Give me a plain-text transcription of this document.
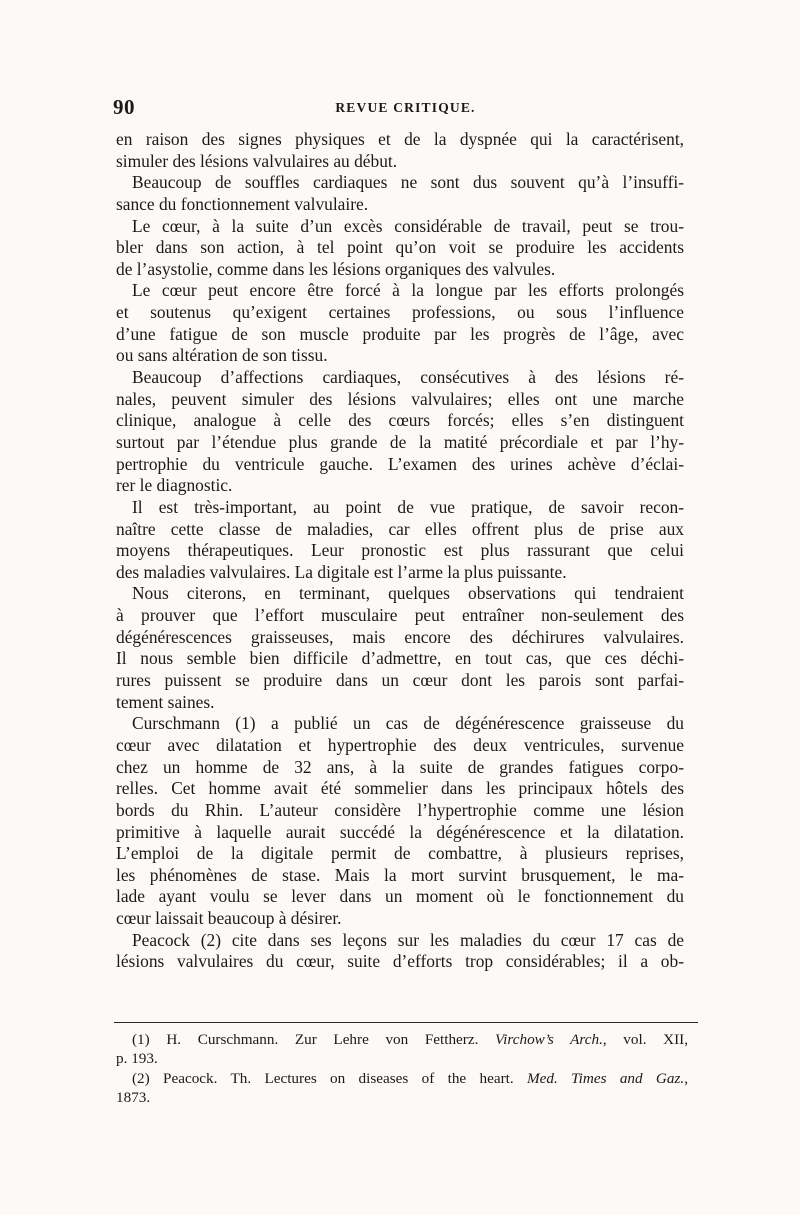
90	REVUE CRITIQUE.
en raison des signes physiques et de la dyspnée qui la caractérisent,
simuler des lésions valvulaires au début.
Beaucoup de souffles cardiaques ne sont dus souvent qu’à l’insuffi-
sance du fonctionnement valvulaire.
Le cœur, à la suite d’un excès considérable de travail, peut se trou-
bler dans son action, à tel point qu’on voit se produire les accidents
de l’asystolie, comme dans les lésions organiques des valvules.
Le cœur peut encore être forcé à la longue par les efforts prolongés
et soutenus qu’exigent certaines professions, ou sous l’influence
d’une fatigue de son muscle produite par les progrès de l’âge, avec
ou sans altération de son tissu.
Beaucoup d’affections cardiaques, consécutives à des lésions ré-
nales, peuvent simuler des lésions valvulaires; elles ont une marche
clinique, analogue à celle des cœurs forcés; elles s’en distinguent
surtout par l’étendue plus grande de la matité précordiale et par l’hy-
pertrophie du ventricule gauche. L’examen des urines achève d’éclai-
rer le diagnostic.
Il est très-important, au point de vue pratique, de savoir recon-
naître cette classe de maladies, car elles offrent plus de prise aux
moyens thérapeutiques. Leur pronostic est plus rassurant que celui
des maladies valvulaires. La digitale est l’arme la plus puissante.
Nous citerons, en terminant, quelques observations qui tendraient
à prouver que l’effort musculaire peut entraîner non-seulement des
dégénérescences graisseuses, mais encore des déchirures valvulaires.
Il nous semble bien difficile d’admettre, en tout cas, que ces déchi-
rures puissent se produire dans un cœur dont les parois sont parfai-
tement saines.
Curschmann (1) a publié un cas de dégénérescence graisseuse du
cœur avec dilatation et hypertrophie des deux ventricules, survenue
chez un homme de 32 ans, à la suite de grandes fatigues corpo-
relles. Cet homme avait été sommelier dans les principaux hôtels des
bords du Rhin. L’auteur considère l’hypertrophie comme une lésion
primitive à laquelle aurait succédé la dégénérescence et la dilatation.
L’emploi de la digitale permit de combattre, à plusieurs reprises,
les phénomènes de stase. Mais la mort survint brusquement, le ma-
lade ayant voulu se lever dans un moment où le fonctionnement du
cœur laissait beaucoup à désirer.
Peacock (2) cite dans ses leçons sur les maladies du cœur 17 cas de
lésions valvulaires du cœur, suite d’efforts trop considérables; il a ob-
(1) H. Curschmann. Zur Lehre von Fettherz. Virchow’s Arch., vol. XII,
p. 193.
(2) Peacock. Th. Lectures on diseases of the heart. Med. Times and Gaz.,
1873.
